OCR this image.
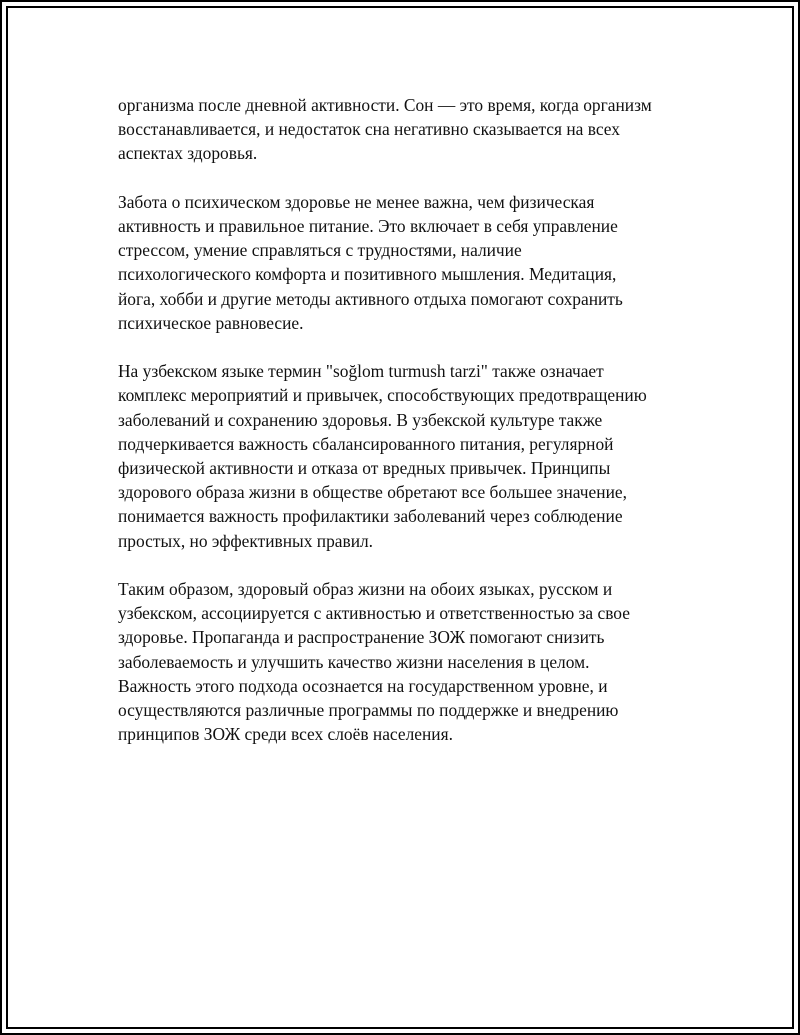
организма после дневной активности. Сон — это время, когда организм
восстанавливается, и недостаток сна негативно сказывается на всех
аспектах здоровья.

Забота о психическом здоровье не менее важна, чем физическая
активность и правильное питание. Это включает в себя управление
стрессом, умение справляться с трудностями, наличие
психологического комфорта и позитивного мышления. Медитация,
йога, хобби и другие методы активного отдыха помогают сохранить
психическое равновесие.

На узбекском языке термин "soğlom turmush tarzi" также означает
комплекс мероприятий и привычек, способствующих предотвращению
заболеваний и сохранению здоровья. В узбекской культуре также
подчеркивается важность сбалансированного питания, регулярной
физической активности и отказа от вредных привычек. Принципы
здорового образа жизни в обществе обретают все большее значение,
понимается важность профилактики заболеваний через соблюдение
простых, но эффективных правил.

Таким образом, здоровый образ жизни на обоих языках, русском и
узбекском, ассоциируется с активностью и ответственностью за свое
здоровье. Пропаганда и распространение ЗОЖ помогают снизить
заболеваемость и улучшить качество жизни населения в целом.
Важность этого подхода осознается на государственном уровне, и
осуществляются различные программы по поддержке и внедрению
принципов ЗОЖ среди всех слоёв населения.
